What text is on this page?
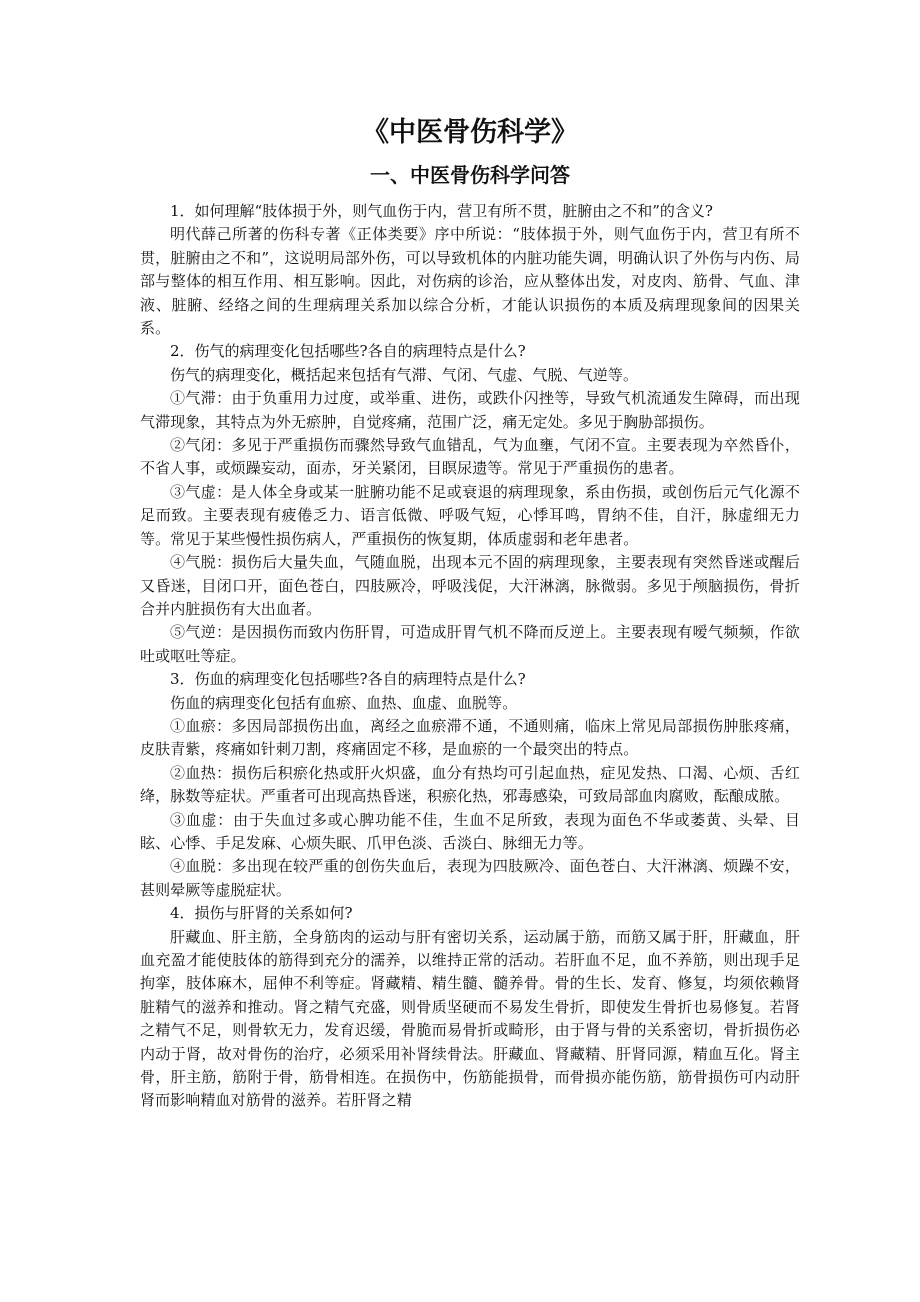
《中医骨伤科学》
一、中医骨伤科学问答

1．如何理解“肢体损于外，则气血伤于内，营卫有所不贯，脏腑由之不和”的含义?

明代薛己所著的伤科专著《正体类要》序中所说：“肢体损于外，则气血伤于内，营卫有所不贯，脏腑由之不和”，这说明局部外伤，可以导致机体的内脏功能失调，明确认识了外伤与内伤、局部与整体的相互作用、相互影响。因此，对伤病的诊治，应从整体出发，对皮肉、筋骨、气血、津液、脏腑、经络之间的生理病理关系加以综合分析，才能认识损伤的本质及病理现象间的因果关系。

2．伤气的病理变化包括哪些?各自的病理特点是什么?

伤气的病理变化，概括起来包括有气滞、气闭、气虚、气脱、气逆等。

①气滞：由于负重用力过度，或举重、进伤，或跌仆闪挫等，导致气机流通发生障碍，而出现气滞现象，其特点为外无瘀肿，自觉疼痛，范围广泛，痛无定处。多见于胸胁部损伤。

②气闭：多见于严重损伤而骤然导致气血错乱，气为血壅，气闭不宣。主要表现为卒然昏仆，不省人事，或烦躁妄动，面赤，牙关紧闭，目瞑尿遗等。常见于严重损伤的患者。

③气虚：是人体全身或某一脏腑功能不足或衰退的病理现象，系由伤损，或创伤后元气化源不足而致。主要表现有疲倦乏力、语言低微、呼吸气短，心悸耳鸣，胃纳不佳，自汗，脉虚细无力等。常见于某些慢性损伤病人，严重损伤的恢复期，体质虚弱和老年患者。

④气脱：损伤后大量失血，气随血脱，出现本元不固的病理现象，主要表现有突然昏迷或醒后又昏迷，目闭口开，面色苍白，四肢厥冷，呼吸浅促，大汗淋漓，脉微弱。多见于颅脑损伤，骨折合并内脏损伤有大出血者。

⑤气逆：是因损伤而致内伤肝胃，可造成肝胃气机不降而反逆上。主要表现有嗳气频频，作欲吐或呕吐等症。

3．伤血的病理变化包括哪些?各自的病理特点是什么?

伤血的病理变化包括有血瘀、血热、血虚、血脱等。

①血瘀：多因局部损伤出血，离经之血瘀滞不通，不通则痛，临床上常见局部损伤肿胀疼痛，皮肤青紫，疼痛如针刺刀割，疼痛固定不移，是血瘀的一个最突出的特点。

②血热：损伤后积瘀化热或肝火炽盛，血分有热均可引起血热，症见发热、口渴、心烦、舌红绛，脉数等症状。严重者可出现高热昏迷，积瘀化热，邪毒感染，可致局部血肉腐败，酝酿成脓。

③血虚：由于失血过多或心脾功能不佳，生血不足所致，表现为面色不华或萎黄、头晕、目眩、心悸、手足发麻、心烦失眠、爪甲色淡、舌淡白、脉细无力等。

④血脱：多出现在较严重的创伤失血后，表现为四肢厥冷、面色苍白、大汗淋漓、烦躁不安，甚则晕厥等虚脱症状。

4．损伤与肝肾的关系如何?

肝藏血、肝主筋，全身筋肉的运动与肝有密切关系，运动属于筋，而筋又属于肝，肝藏血，肝血充盈才能使肢体的筋得到充分的濡养，以维持正常的活动。若肝血不足，血不养筋，则出现手足拘挛，肢体麻木，屈伸不利等症。肾藏精、精生髓、髓养骨。骨的生长、发育、修复，均须依赖肾脏精气的滋养和推动。肾之精气充盛，则骨质坚硬而不易发生骨折，即使发生骨折也易修复。若肾之精气不足，则骨软无力，发育迟缓，骨脆而易骨折或畸形，由于肾与骨的关系密切，骨折损伤必内动于肾，故对骨伤的治疗，必须采用补肾续骨法。肝藏血、肾藏精、肝肾同源，精血互化。肾主骨，肝主筋，筋附于骨，筋骨相连。在损伤中，伤筋能损骨，而骨损亦能伤筋，筋骨损伤可内动肝肾而影响精血对筋骨的滋养。若肝肾之精
